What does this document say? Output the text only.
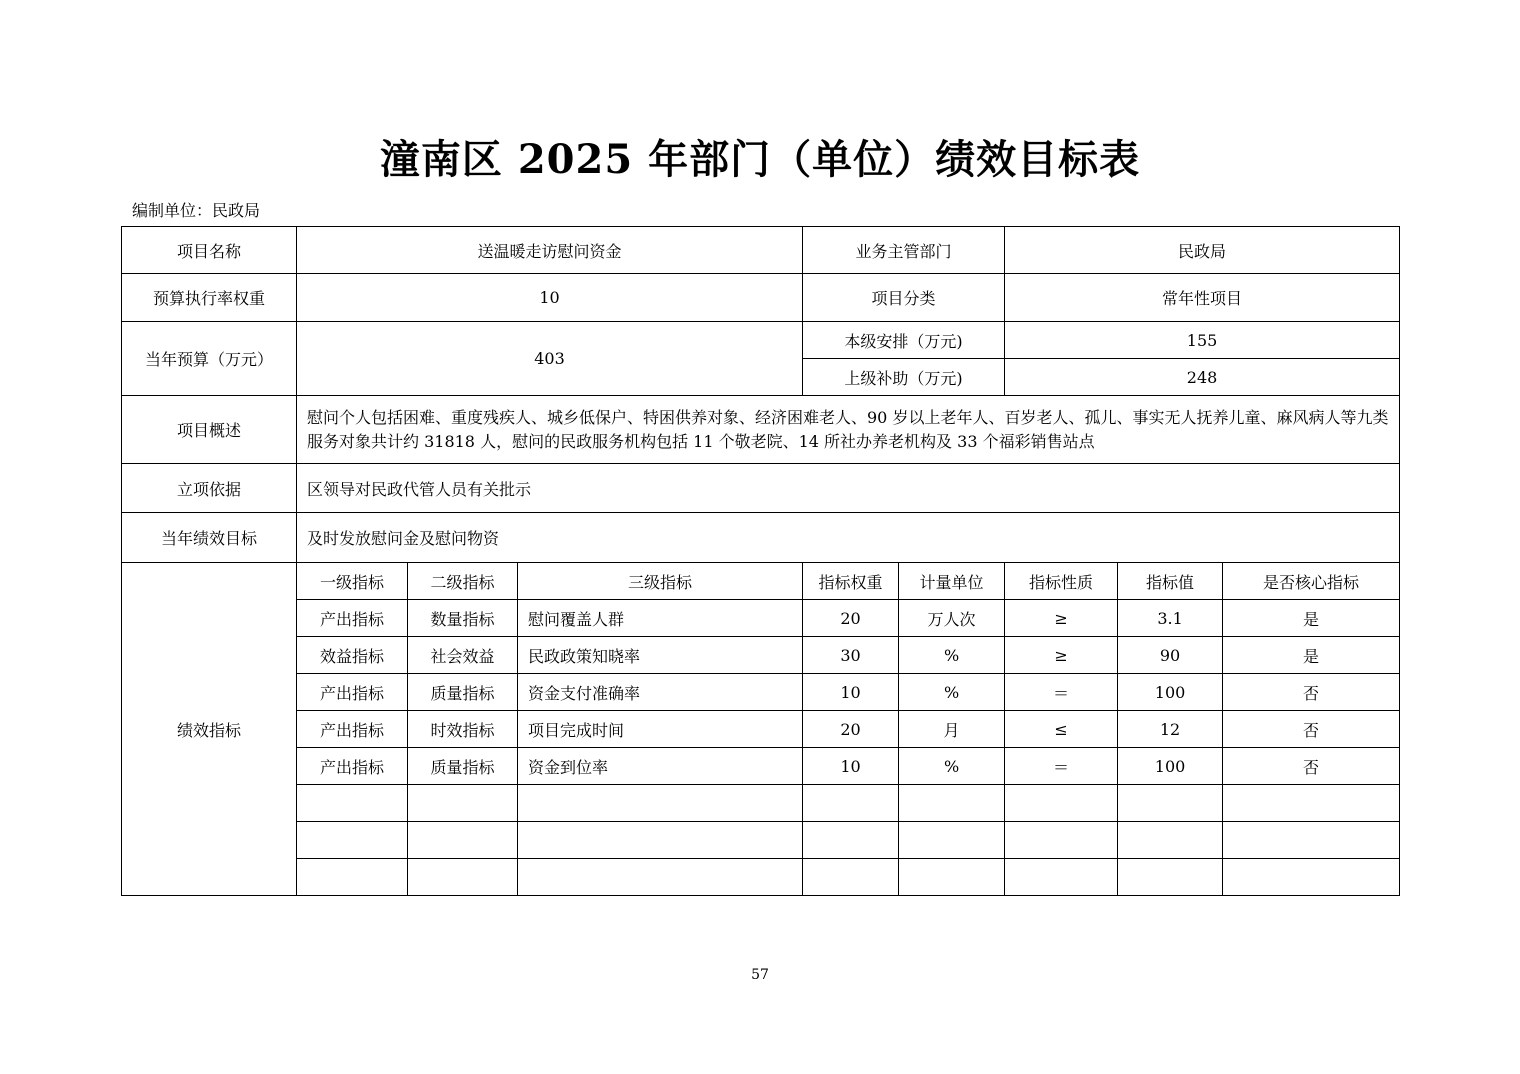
潼南区 2025 年部门（单位）绩效目标表
编制单位：民政局
项目名称	送温暖走访慰问资金			业务主管部门		民政局		
预算执行率权重	10			项目分类		常年性项目		
当年预算（万元）	403			本级安排（万元)		155		
				上级补助（万元)		248		
项目概述	慰问个人包括困难、重度残疾人、城乡低保户、特困供养对象、经济困难老人、90 岁以上老年人、百岁老人、孤儿、事实无人抚养儿童、麻风病人等九类服务对象共计约 31818 人，慰问的民政服务机构包括 11 个敬老院、14 所社办养老机构及 33 个福彩销售站点							
立项依据	区领导对民政代管人员有关批示							
当年绩效目标	及时发放慰问金及慰问物资							
绩效指标	一级指标	二级指标	三级指标	指标权重	计量单位	指标性质	指标值	是否核心指标
	产出指标	数量指标	慰问覆盖人群	20	万人次	≥	3.1	是
	效益指标	社会效益	民政政策知晓率	30	%	≥	90	是
	产出指标	质量指标	资金支付准确率	10	%	＝	100	否
	产出指标	时效指标	项目完成时间	20	月	≤	12	否
	产出指标	质量指标	资金到位率	10	%	＝	100	否

57
